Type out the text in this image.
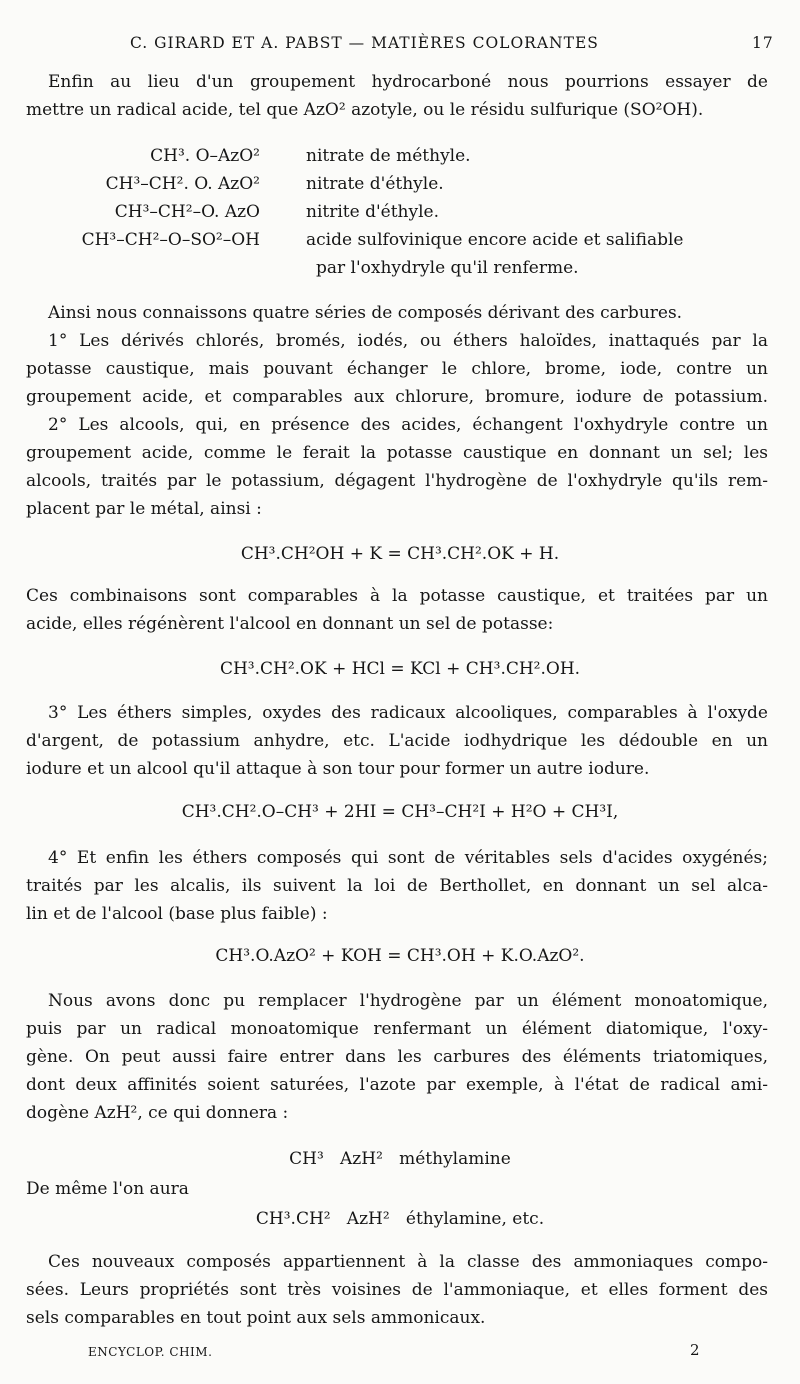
C. GIRARD ET A. PABST — MATIÈRES COLORANTES	17
Enfin au lieu d'un groupement hydrocarboné nous pourrions essayer de
mettre un radical acide, tel que AzO² azotyle, ou le résidu sulfurique (SO²OH).
CH³. O–AzO²	nitrate de méthyle.
CH³–CH². O. AzO²	nitrate d'éthyle.
CH³–CH²–O. AzO	nitrite d'éthyle.
CH³–CH²–O–SO²–OH	acide sulfovinique encore acide et salifiable
par l'oxhydryle qu'il renferme.
Ainsi nous connaissons quatre séries de composés dérivant des carbures.
1° Les dérivés chlorés, bromés, iodés, ou éthers haloïdes, inattaqués par la
potasse caustique, mais pouvant échanger le chlore, brome, iode, contre un
groupement acide, et comparables aux chlorure, bromure, iodure de potassium.
2° Les alcools, qui, en présence des acides, échangent l'oxhydryle contre un
groupement acide, comme le ferait la potasse caustique en donnant un sel; les
alcools, traités par le potassium, dégagent l'hydrogène de l'oxhydryle qu'ils rem-
placent par le métal, ainsi :
CH³.CH²OH + K = CH³.CH².OK + H.
Ces combinaisons sont comparables à la potasse caustique, et traitées par un
acide, elles régénèrent l'alcool en donnant un sel de potasse:
CH³.CH².OK + HCl = KCl + CH³.CH².OH.
3° Les éthers simples, oxydes des radicaux alcooliques, comparables à l'oxyde
d'argent, de potassium anhydre, etc. L'acide iodhydrique les dédouble en un
iodure et un alcool qu'il attaque à son tour pour former un autre iodure.
CH³.CH².O–CH³ + 2HI = CH³–CH²I + H²O + CH³I,
4° Et enfin les éthers composés qui sont de véritables sels d'acides oxygénés;
traités par les alcalis, ils suivent la loi de Berthollet, en donnant un sel alca-
lin et de l'alcool (base plus faible) :
CH³.O.AzO² + KOH = CH³.OH + K.O.AzO².
Nous avons donc pu remplacer l'hydrogène par un élément monoatomique,
puis par un radical monoatomique renfermant un élément diatomique, l'oxy-
gène. On peut aussi faire entrer dans les carbures des éléments triatomiques,
dont deux affinités soient saturées, l'azote par exemple, à l'état de radical ami-
dogène AzH², ce qui donnera :
CH³   AzH²   méthylamine
De même l'on aura
CH³.CH²   AzH²   éthylamine, etc.
Ces nouveaux composés appartiennent à la classe des ammoniaques compo-
sées. Leurs propriétés sont très voisines de l'ammoniaque, et elles forment des
sels comparables en tout point aux sels ammonicaux.
ENCYCLOP. CHIM.	2
